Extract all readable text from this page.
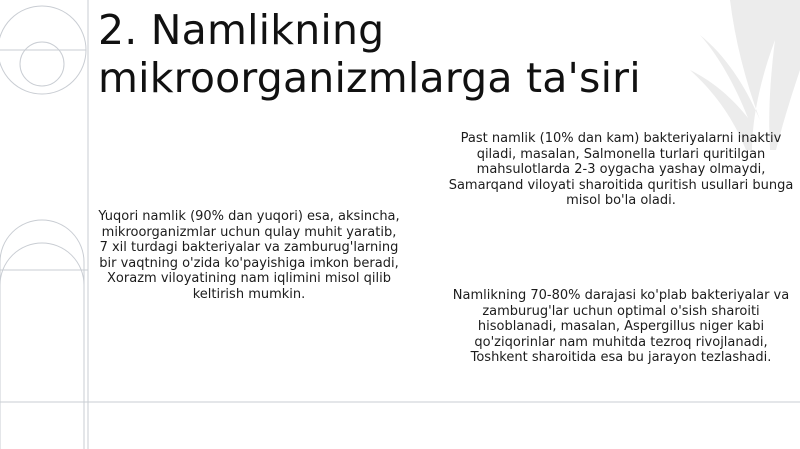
2. Namlikning mikroorganizmlarga ta'siri

Past namlik (10% dan kam) bakteriyalarni inaktiv qiladi, masalan, Salmonella turlari quritilgan mahsulotlarda 2-3 oygacha yashay olmaydi, Samarqand viloyati sharoitida quritish usullari bunga misol bo'la oladi.

Yuqori namlik (90% dan yuqori) esa, aksincha, mikroorganizmlar uchun qulay muhit yaratib, 7 xil turdagi bakteriyalar va zamburug'larning bir vaqtning o'zida ko'payishiga imkon beradi, Xorazm viloyatining nam iqlimini misol qilib keltirish mumkin.	Namlikning 70-80% darajasi ko'plab bakteriyalar va zamburug'lar uchun optimal o'sish sharoiti hisoblanadi, masalan, Aspergillus niger kabi qo'ziqorinlar nam muhitda tezroq rivojlanadi, Toshkent sharoitida esa bu jarayon tezlashadi.
